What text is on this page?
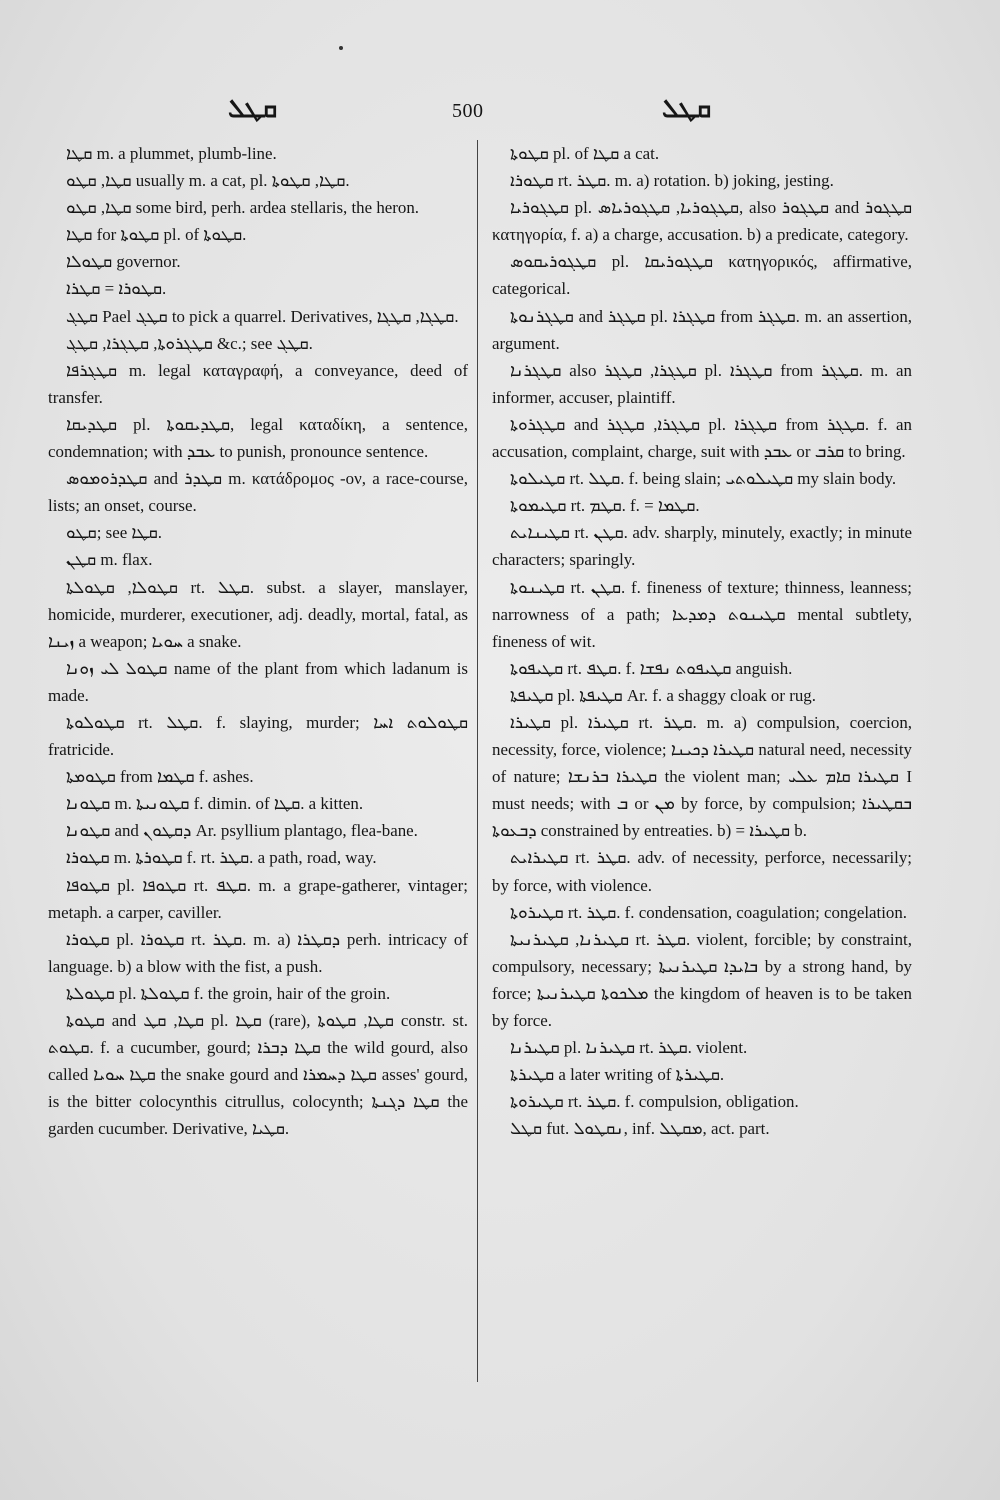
ܩܛܠ	500	ܩܛܠ

ܩܛܐ m. a plummet, plumb-line.

ܩܛܐ, ܩܛܘ usually m. a cat, pl. ܩܛܐ, ܩܛܘܬܐ.

ܩܛܐ, ܩܛܘ some bird, perh. ardea stellaris, the heron.

ܩܛܐ for ܩܛܘܬܐ pl. of ܩܛܘܬܐ.

ܩܛܘܠܐ governor.

ܩܛܘܪܐ = ܩܛܪܐ.

ܩܛܓ Pael ܩܛܓ to pick a quarrel. Derivatives, ܩܛܓܐ, ܩܛܓܐ.

ܩܛܓܪܘܬܐ, ܩܛܓܪܐ, ܩܛܓ &c.; see ܩܛܓ.

ܩܛܓܪܦܐ m. legal καταγραφή, a conveyance, deed of transfer.

ܩܛܕܝܩܐ pl. ܩܛܕܝܩܘܬܐ, legal καταδίκη, a sentence, condemnation; with ܥܒܕ to punish, pronounce sentence.

ܩܛܕܪܘܡܘܣ and ܩܛܕܪ m. κατάδρομος -ον, a race-course, lists; an onset, course.

ܩܛܘ; see ܩܛܐ.

ܩܛܢ m. flax.

ܩܛܘܠܐ, ܩܛܘܠܬܐ rt. ܩܛܠ. subst. a slayer, manslayer, homicide, murderer, executioner, adj. deadly, mortal, fatal, as ܙܝܢܐ a weapon; ܚܘܝܐ a snake.

ܩܛܘܠ ܠܝ ܙܘܢܐ name of the plant from which ladanum is made.

ܩܛܘܠܘܬܐ rt. ܩܛܠ. f. slaying, murder; ܩܛܘܠܘܬ ܐܚܐ fratricide.

ܩܛܘܡܬܐ from ܩܛܡܐ f. ashes.

ܩܛܘܢܐ m. ܩܛܘܢܝܬܐ f. dimin. of ܩܛܐ. a kitten.

ܩܛܘܢܐ and ܕܩܛܘܢ Ar. psyllium plantago, flea-bane.

ܩܛܘܪܐ m. ܩܛܘܪܬܐ f. rt. ܩܛܪ. a path, road, way.

ܩܛܘܦܐ pl. ܩܛܘܦܐ rt. ܩܛܦ. m. a grape-gatherer, vintager; metaph. a carper, caviller.

ܩܛܘܪܐ pl. ܩܛܘܪܐ rt. ܩܛܪ. m. a) ܕܩܛܪܐ perh. intricacy of language. b) a blow with the fist, a push.

ܩܛܘܠܬܐ pl. ܩܛܘܠܬܐ f. the groin, hair of the groin.

ܩܛܘܬܐ and ܩܛܐ, ܩܛ pl. ܩܛܐ (rare), ܩܛܐ, ܩܛܘܬܐ constr. st. ܩܛܘܬ. f. a cucumber, gourd; ܩܛܐ ܕܒܪܐ the wild gourd, also called ܩܛܐ ܚܘܝܐ the snake gourd and ܩܛܐ ܕܚܡܪܐ asses' gourd, is the bitter colocynthis citrullus, colocynth; ܩܛܐ ܕܓܢܬܐ the garden cucumber. Derivative, ܩܛܝܐ.

ܩܛܘܬܐ pl. of ܩܛܐ a cat.

ܩܛܘܪܐ rt. ܩܛܪ. m. a) rotation. b) joking, jesting.

ܩܛܓܘܪܝܐ pl. ܩܛܓܘܪܝܐ, ܩܛܓܘܪܝܐܣ, also ܩܛܓܘܪ and ܩܛܓܘܪ κατηγορία, f. a) a charge, accusation. b) a predicate, category.

ܩܛܓܘܪܝܩܘܣ pl. ܩܛܓܘܪܝܩܐ κατηγορικός, affirmative, categorical.

ܩܛܓܪܢܘܬܐ and ܩܛܓܪ pl. ܩܛܓܪܐ from ܩܛܓܪ. m. an assertion, argument.

ܩܛܓܪܢܐ also ܩܛܓܪܐ, ܩܛܓܪ pl. ܩܛܓܪܐ from ܩܛܓܪ. m. an informer, accuser, plaintiff.

ܩܛܓܪܘܬܐ and ܩܛܓܪܐ, ܩܛܓܪ pl. ܩܛܓܪܐ from ܩܛܓܪ. f. an accusation, complaint, charge, suit with ܥܒܕ or ܩܪܒ to bring.

ܩܛܝܠܘܬܐ rt. ܩܛܠ. f. being slain; ܩܛܝܠܘܬܝ my slain body.

ܩܛܝܡܘܬܐ rt. ܩܛܡ. f. = ܩܛܡܐ.

ܩܛܝܢܐܝܬ rt. ܩܛܢ. adv. sharply, minutely, exactly; in minute characters; sparingly.

ܩܛܝܢܘܬܐ rt. ܩܛܢ. f. fineness of texture; thinness, leanness; narrowness of a path; ܩܛܝܢܘܬ ܕܡܕܥܐ mental subtlety, fineness of wit.

ܩܛܝܦܘܬܐ rt. ܩܛܦ. f. ܩܛܝܦܘܬ ܢܦܫܐ anguish.

ܩܛܝܦܬܐ pl. ܩܛܝܦܬܐ Ar. f. a shaggy cloak or rug.

ܩܛܝܪܐ pl. ܩܛܝܪܐ rt. ܩܛܪ. m. a) compulsion, coercion, necessity, force, violence; ܩܛܝܪܐ ܕܟܝܢܐ natural need, necessity of nature; ܩܛܝܪܐ ܒܪܢܫܐ the violent man; ܩܛܝܪܐ ܩܐܡ ܥܠܝ I must needs; with ܒ or ܡܢ by force, by compulsion; ܒܩܛܝܪܐ ܕܒܥܘܬܐ constrained by entreaties. b) = ܩܛܝܪܐ b.

ܩܛܝܪܐܝܬ rt. ܩܛܪ. adv. of necessity, perforce, necessarily; by force, with violence.

ܩܛܝܪܘܬܐ rt. ܩܛܪ. f. condensation, coagulation; congelation.

ܩܛܝܪܢܐ, ܩܛܝܪܢܝܬܐ rt. ܩܛܪ. violent, forcible; by constraint, compulsory, necessary; ܒܐܝܕܐ ܩܛܝܪܢܝܬܐ by a strong hand, by force; ܡܠܟܘܬܐ ܩܛܝܪܢܝܬܐ the kingdom of heaven is to be taken by force.

ܩܛܝܪܢܐ pl. ܩܛܝܪܢܐ rt. ܩܛܪ. violent.

ܩܛܝܪܬܐ a later writing of ܩܛܝܪܬܐ.

ܩܛܝܪܘܬܐ rt. ܩܛܪ. f. compulsion, obligation.

ܩܛܠ fut. ܢܩܛܘܠ, inf. ܡܩܛܠ, act. part.
